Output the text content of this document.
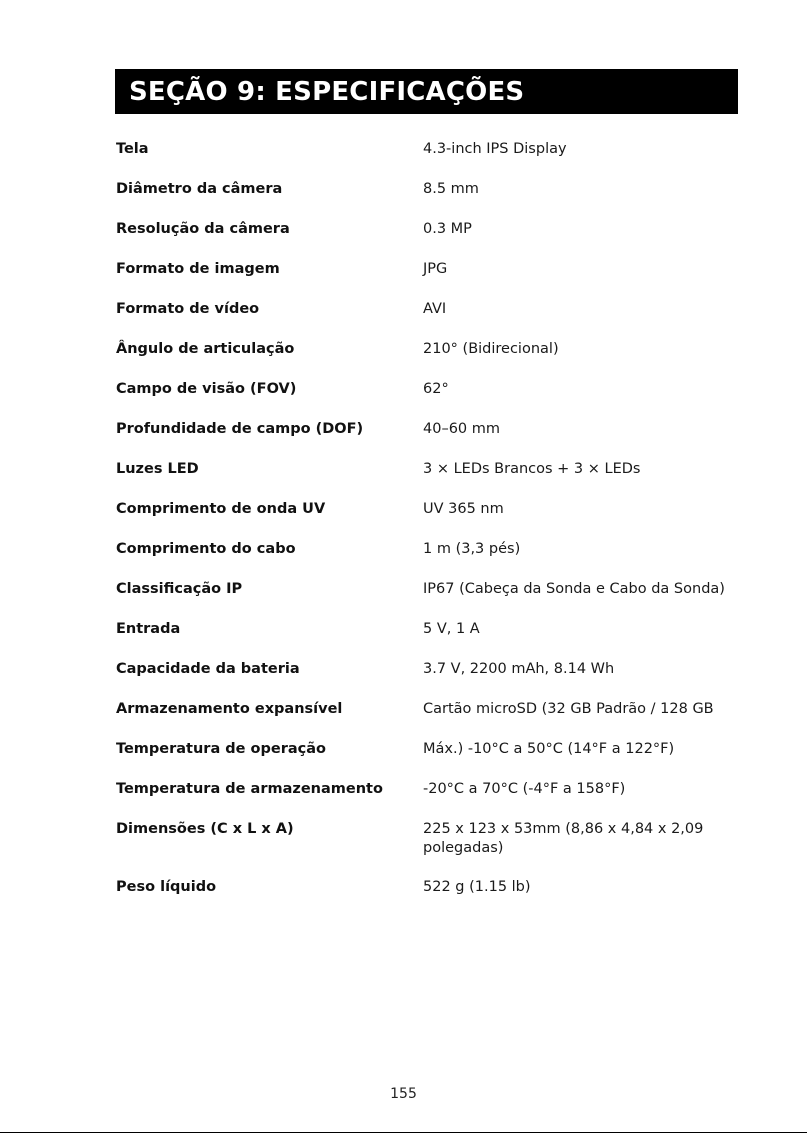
SEÇÃO 9: ESPECIFICAÇÕES
Tela	4.3-inch IPS Display
Diâmetro da câmera	8.5 mm
Resolução da câmera	0.3 MP
Formato de imagem	JPG
Formato de vídeo	AVI
Ângulo de articulação	210° (Bidirecional)
Campo de visão (FOV)	62°
Profundidade de campo (DOF)	40–60 mm
Luzes LED	3 × LEDs Brancos + 3 × LEDs
Comprimento de onda UV	UV 365 nm
Comprimento do cabo	1 m (3,3 pés)
Classificação IP	IP67 (Cabeça da Sonda e Cabo da Sonda)
Entrada	5 V, 1 A
Capacidade da bateria	3.7 V, 2200 mAh, 8.14 Wh
Armazenamento expansível	Cartão microSD (32 GB Padrão / 128 GB
Temperatura de operação	Máx.) -10°C a 50°C (14°F a 122°F)
Temperatura de armazenamento	-20°C a 70°C (-4°F a 158°F)
Dimensões (C x L x A)	225 x 123 x 53mm (8,86 x 4,84 x 2,09 polegadas)
Peso líquido	522 g (1.15 lb)
155
